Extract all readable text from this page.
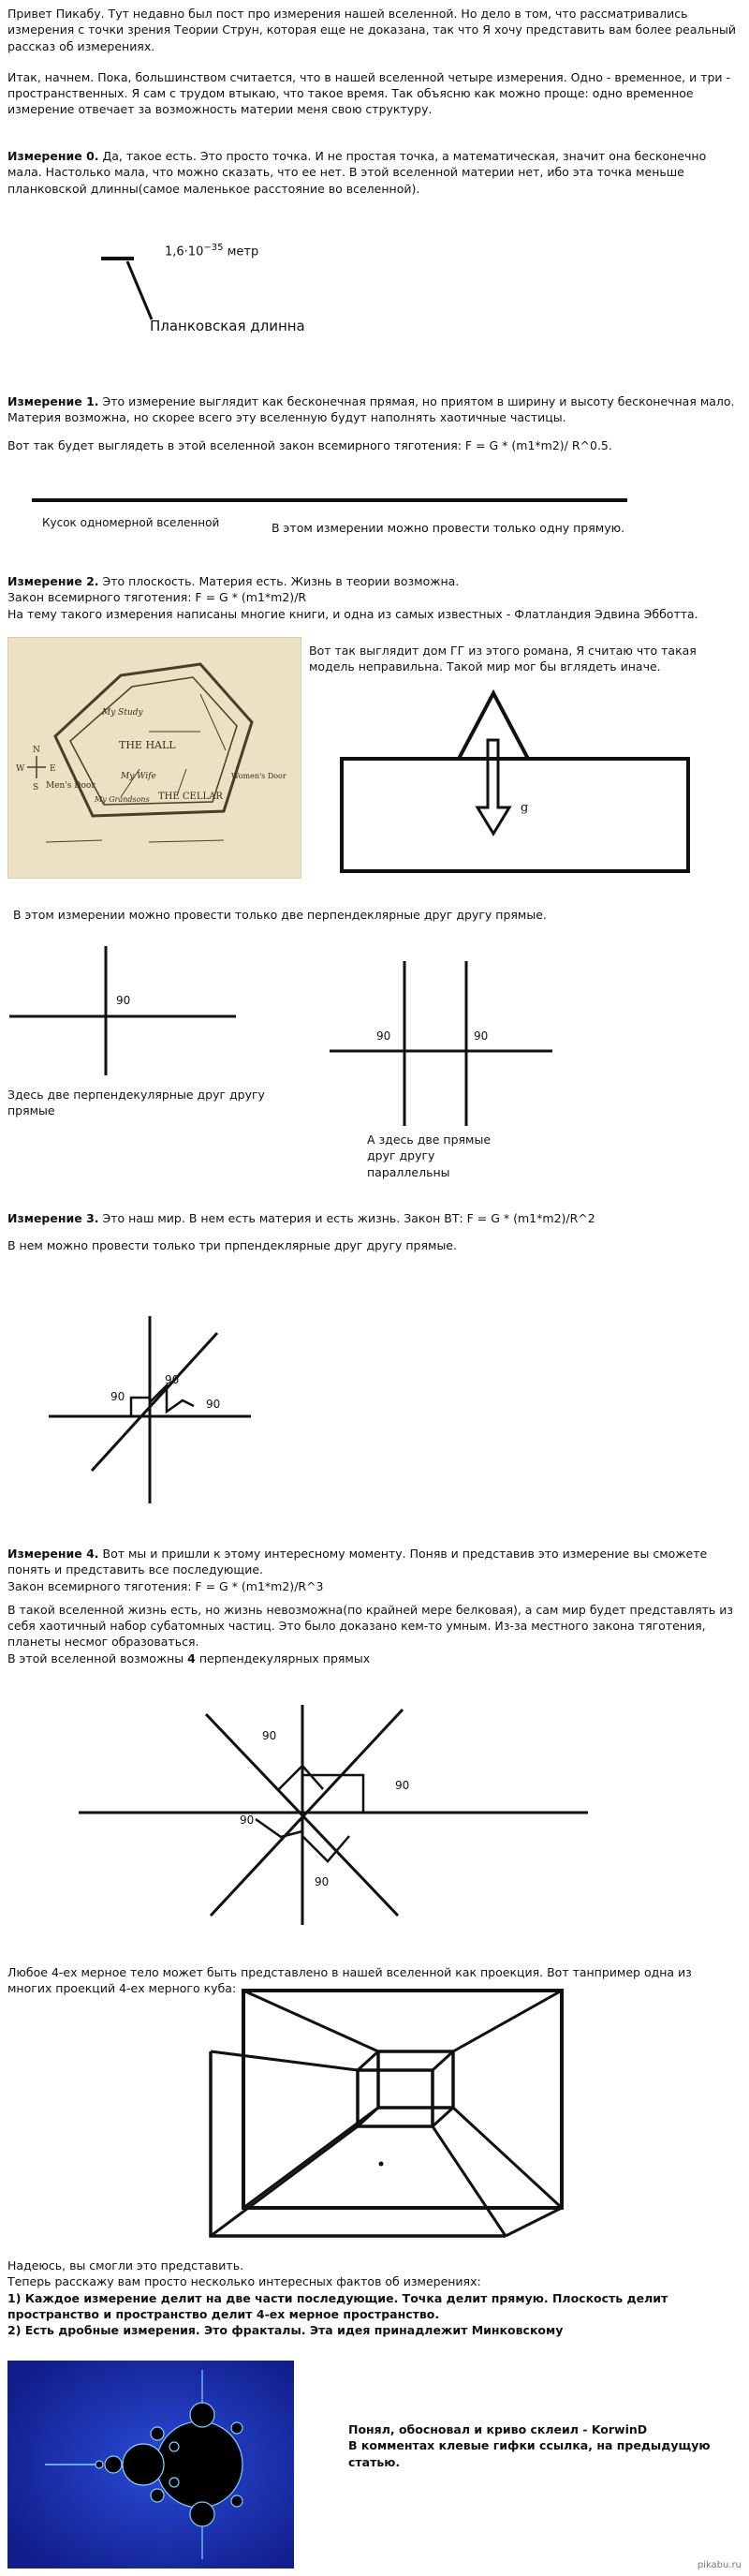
Привет Пикабу. Тут недавно был пост про измерения нашей вселенной. Но дело в том, что рассматривались измерения с точки зрения Теории Струн, которая еще не доказана, так что Я хочу представить вам более реальный рассказ об измерениях.

Итак, начнем. Пока, большинством считается, что в нашей вселенной четыре измерения. Одно - временное, и три - пространственных. Я сам с трудом втыкаю, что такое время. Так объясню как можно проще: одно временное измерение отвечает за возможность материи меня свою структуру.

Измерение 0. Да, такое есть. Это просто точка. И не простая точка, а математическая, значит она бесконечно мала. Настолько мала, что можно сказать, что ее нет. В этой вселенной материи нет, ибо эта точка меньше планковской длинны(самое маленькое расстояние во вселенной).

$1,6\cdot 10^{-35}$ метр
Планковская длинна

Измерение 1. Это измерение выглядит как бесконечная прямая, но приятом в ширину и высоту бесконечная мало. Материя возможна, но скорее всего эту вселенную будут наполнять хаотичные частицы.

Вот так будет выглядеть в этой вселенной закон всемирного тяготения: F = G * (m1*m2)/ R^0.5.

Кусок одномерной вселенной	В этом измерении можно провести только одну прямую.

Измерение 2. Это плоскость. Материя есть. Жизнь в теории возможна.

Закон всемирного тяготения: F = G * (m1*m2)/R

На тему такого измерения написаны многие книги, и одна из самых известных - Флатландия Эдвина Эбботта.

THE HALL
THE CELLAR
My Study
My Wife
Men's Door
My Grandsons
Women's Door
N
W	E
S
Вот так выглядит дом ГГ из этого романа, Я считаю что такая модель неправильна. Такой мир мог бы вглядеть иначе.
g
В этом измерении можно провести только две перпендеклярные друг другу прямые.
90
90	90
Здесь две перпендекулярные друг другу прямые
А здесь две прямые
друг другу
параллельны

Измерение 3. Это наш мир. В нем есть материя и есть жизнь. Закон ВТ: F = G * (m1*m2)/R^2

В нем можно провести только три прпендеклярные друг другу прямые.

90
90
90

Измерение 4. Вот мы и пришли к этому интересному моменту. Поняв и представив это измерение вы сможете понять и представить все последующие.

Закон всемирного тяготения: F = G * (m1*m2)/R^3

В такой вселенной жизнь есть, но жизнь невозможна(по крайней мере белковая), а сам мир будет представлять из себя хаотичный набор субатомных частиц. Это было доказано кем-то умным. Из-за местного закона тяготения, планеты несмог образоваться.

В этой вселенной возможны 4 перпендекулярных прямых

90
90
90
90
Любое 4-ех мерное тело может быть представлено в нашей вселенной как проекция. Вот танпример одна из многих проекций 4-ех мерного куба:

Надеюсь, вы смогли это представить.

Теперь расскажу вам просто несколько интересных фактов об измерениях:

1) Каждое измерение делит на две части последующие. Точка делит прямую. Плоскость делит пространство и пространство делит 4-ех мерное пространство.

2) Есть дробные измерения. Это фракталы. Эта идея принадлежит Минковскому

Понял, обосновал и криво склеил - KorwinD
В комментах клевые гифки ссылка, на предыдущую статью.
pikabu.ru
